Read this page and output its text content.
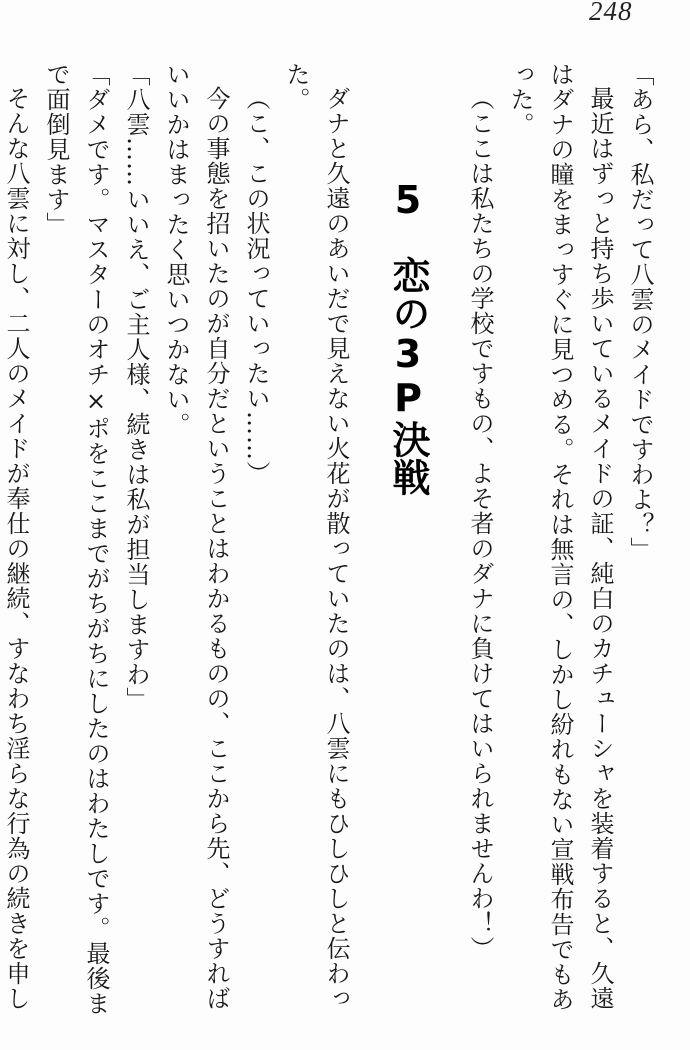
248

「あら、私だって八雲のメイドですわよ？」

最近はずっと持ち歩いているメイドの証、純白のカチューシャを装着すると、久遠はダナの瞳をまっすぐに見つめる。それは無言の、しかし紛れもない宣戦布告でもあった。

（ここは私たちの学校ですもの、よそ者のダナに負けてはいられませんわ！）

5恋の3P決戦

ダナと久遠のあいだで見えない火花が散っていたのは、八雲にもひしひしと伝わった。

（こ、この状況っていったい……）

今の事態を招いたのが自分だということはわかるものの、ここから先、どうすればいいかはまったく思いつかない。

「八雲……いいえ、ご主人様、続きは私が担当しますわ」

「ダメです。マスターのオチ×ポをここまでがちがちにしたのはわたしです。最後まで面倒見ます」

そんな八雲に対し、二人のメイドが奉仕の継続、すなわち淫らな行為の続きを申し
